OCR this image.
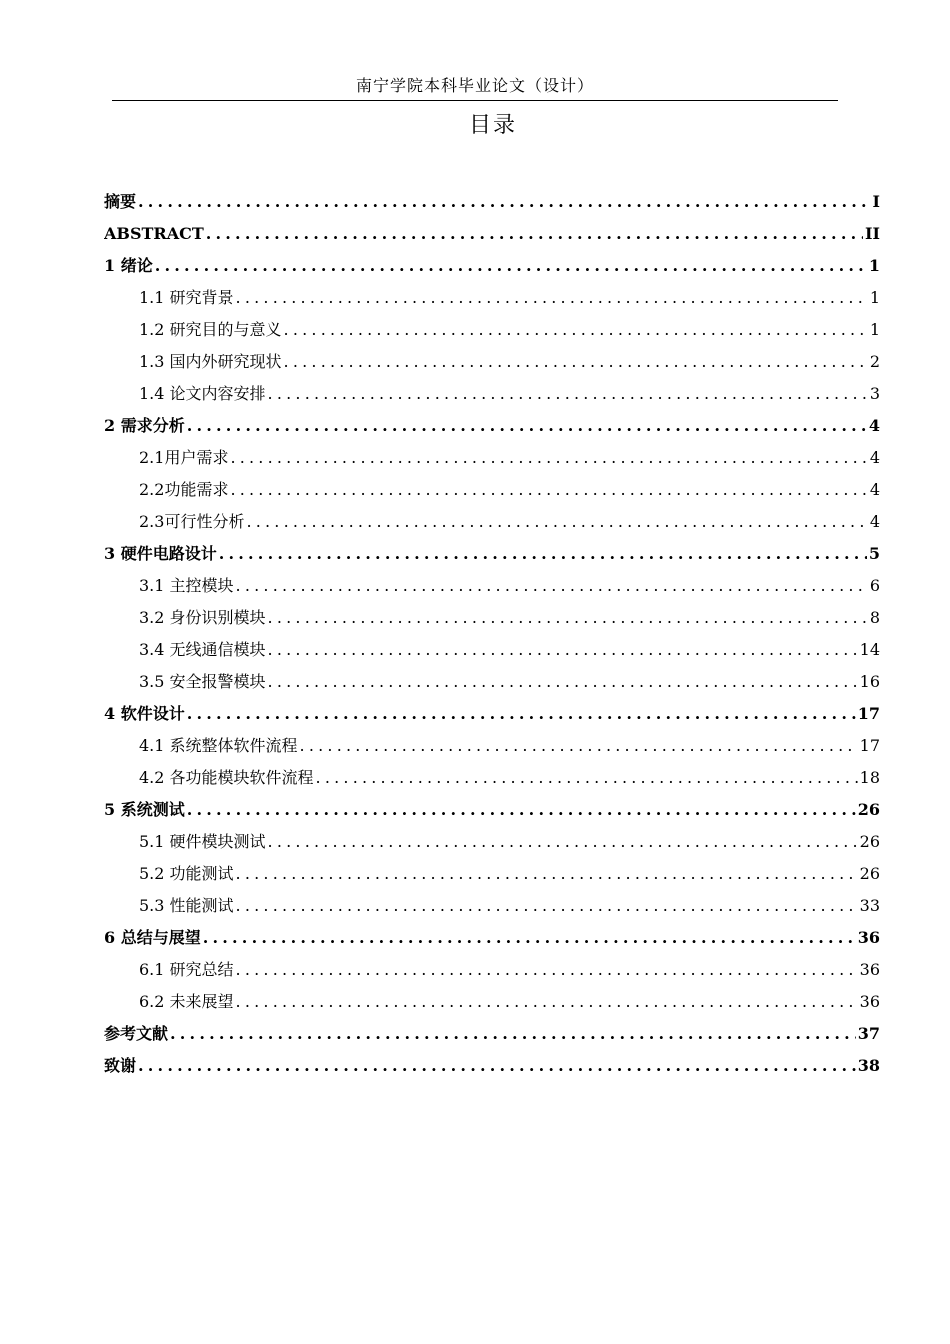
南宁学院本科毕业论文（设计）
目录
摘要 .....	I
ABSTRACT .....	II
1 绪论 .....	1
1.1 研究背景 .....	1
1.2 研究目的与意义 .....	1
1.3 国内外研究现状 .....	2
1.4 论文内容安排 .....	3
2 需求分析 .....	4
2.1用户需求 .....	4
2.2功能需求 .....	4
2.3可行性分析 .....	4
3 硬件电路设计 .....	5
3.1 主控模块 .....	6
3.2 身份识别模块 .....	8
3.4 无线通信模块 .....	14
3.5 安全报警模块 .....	16
4 软件设计 .....	17
4.1 系统整体软件流程 .....	17
4.2 各功能模块软件流程 .....	18
5 系统测试 .....	26
5.1 硬件模块测试 .....	26
5.2 功能测试 .....	26
5.3 性能测试 .....	33
6 总结与展望 .....	36
6.1 研究总结 .....	36
6.2 未来展望 .....	36
参考文献 .....	37
致谢 .....	38
